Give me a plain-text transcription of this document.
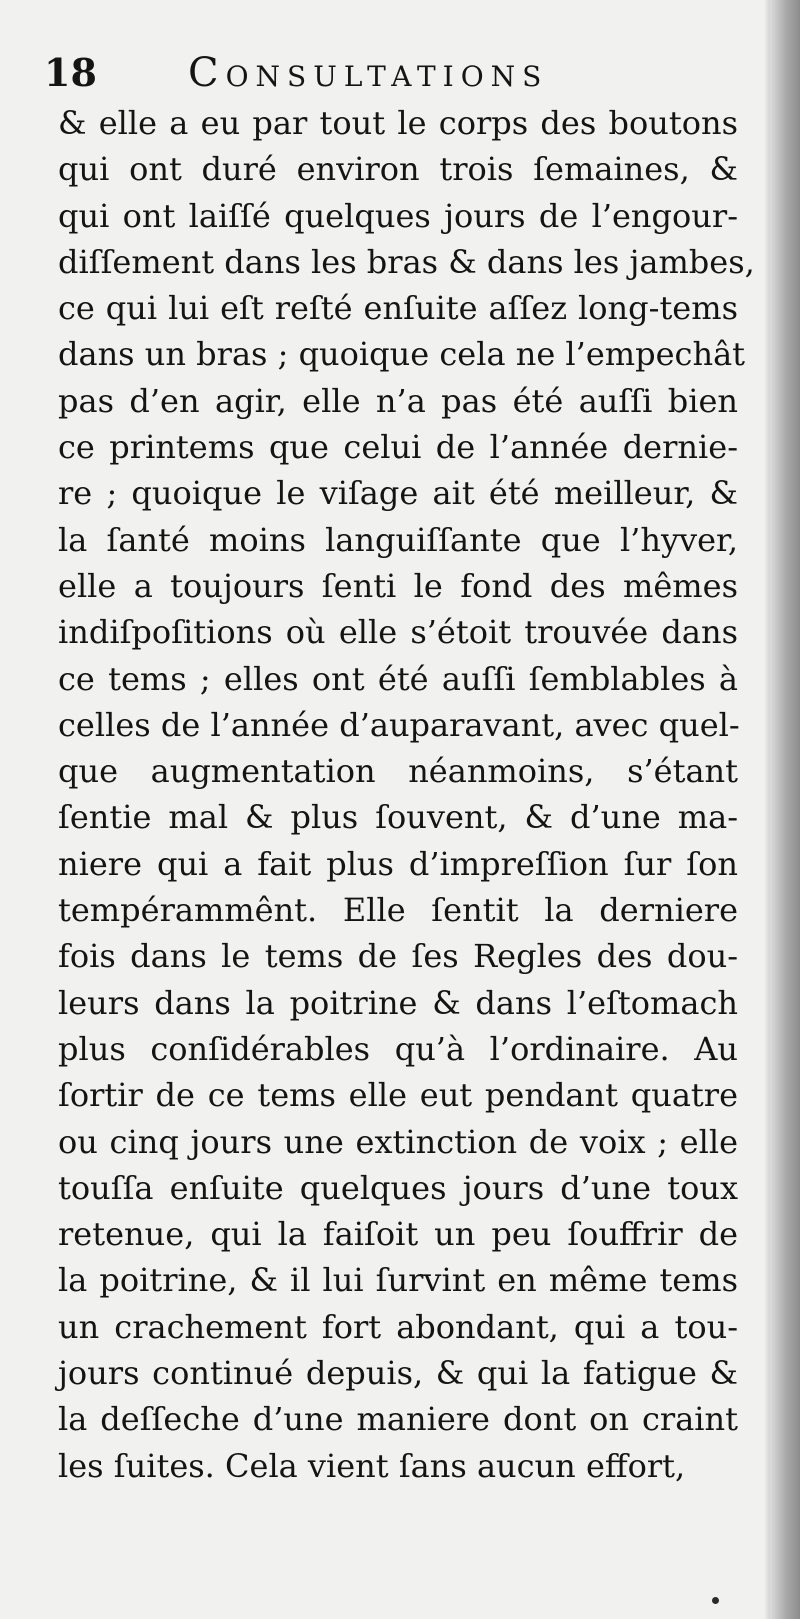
18 Consultations
& elle a eu par tout le corps des boutons
qui ont duré environ trois ſemaines, &
qui ont laiſſé quelques jours de l’engour-
diſſement dans les bras & dans les jambes,
ce qui lui eſt reſté enſuite aſſez long-tems
dans un bras ; quoique cela ne l’empechât
pas d’en agir, elle n’a pas été auſſi bien
ce printems que celui de l’année dernie-
re ; quoique le viſage ait été meilleur, &
la ſanté moins languiſſante que l’hyver,
elle a toujours ſenti le fond des mêmes
indiſpoſitions où elle s’étoit trouvée dans
ce tems ; elles ont été auſſi ſemblables à
celles de l’année d’auparavant, avec quel-
que augmentation néanmoins, s’étant
ſentie mal & plus ſouvent, & d’une ma-
niere qui a fait plus d’impreſſion ſur ſon
tempérammênt. Elle ſentit la derniere
fois dans le tems de ſes Regles des dou-
leurs dans la poitrine & dans l’eſtomach
plus conſidérables qu’à l’ordinaire. Au
ſortir de ce tems elle eut pendant quatre
ou cinq jours une extinction de voix ; elle
touſſa enſuite quelques jours d’une toux
retenue, qui la faiſoit un peu ſouffrir de
la poitrine, & il lui ſurvint en même tems
un crachement fort abondant, qui a tou-
jours continué depuis, & qui la fatigue &
la deſſeche d’une maniere dont on craint
les ſuites. Cela vient ſans aucun effort,
